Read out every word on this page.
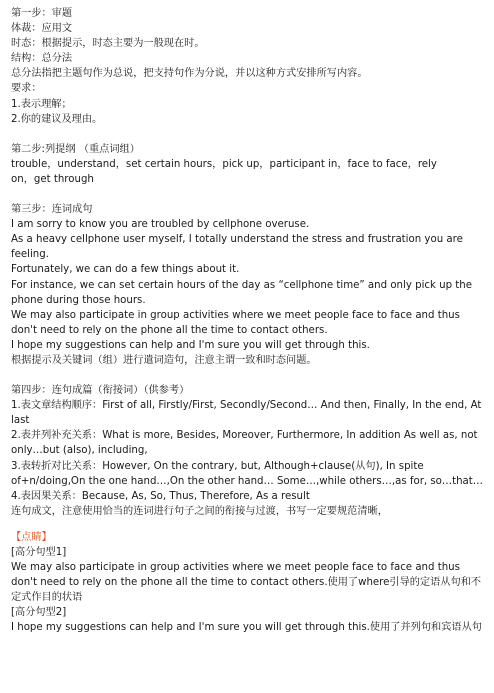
第一步：审题
体裁：应用文
时态：根据提示，时态主要为一般现在时。
结构：总分法
总分法指把主题句作为总说，把支持句作为分说，并以这种方式安排所写内容。
要求：
1.表示理解；
2.你的建议及理由。
第二步:列提纲 （重点词组）
trouble，understand，set certain hours，pick up，participant in，face to face，rely
on，get through
第三步：连词成句
I am sorry to know you are troubled by cellphone overuse.
As a heavy cellphone user myself, I totally understand the stress and frustration you are feeling.
Fortunately, we can do a few things about it.
For instance, we can set certain hours of the day as “cellphone time” and only pick up the phone during those hours.
We may also participate in group activities where we meet people face to face and thus don't need to rely on the phone all the time to contact others.
I hope my suggestions can help and I'm sure you will get through this.
根据提示及关键词（组）进行遣词造句，注意主谓一致和时态问题。
第四步：连句成篇（衔接词）（供参考）
1.表文章结构顺序：First of all, Firstly/First, Secondly/Second… And then, Finally, In the end, At last
2.表并列补充关系：What is more, Besides, Moreover, Furthermore, In addition As well as, not only…but (also), including,
3.表转折对比关系：However, On the contrary, but, Although+clause(从句), In spite of+n/doing,On the one hand…,On the other hand… Some…,while others…,as for, so…that…
4.表因果关系：Because, As, So, Thus, Therefore, As a result
连句成文，注意使用恰当的连词进行句子之间的衔接与过渡，书写一定要规范清晰，
【点睛】
[高分句型1]
We may also participate in group activities where we meet people face to face and thus don't need to rely on the phone all the time to contact others.使用了where引导的定语从句和不定式作目的状语
[高分句型2]
I hope my suggestions can help and I'm sure you will get through this.使用了并列句和宾语从句
